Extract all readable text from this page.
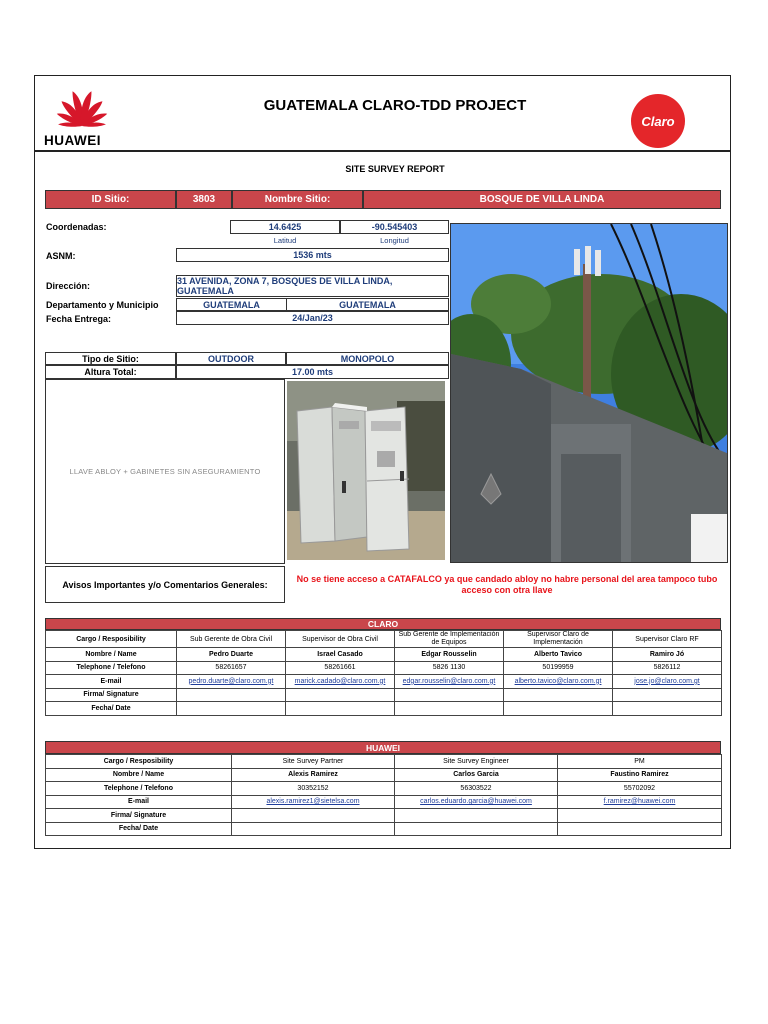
HUAWEI
GUATEMALA CLARO-TDD PROJECT
Claro
SITE SURVEY REPORT
ID Sitio:	3803	Nombre Sitio:	BOSQUE DE VILLA LINDA
Coordenadas:	14.6425	-90.545403
Latitud	Longitud
ASNM:	1536 mts
Dirección:	31 AVENIDA, ZONA 7, BOSQUES DE VILLA LINDA, GUATEMALA
Departamento y Municipio	GUATEMALA	GUATEMALA
Fecha Entrega:	24/Jan/23
Tipo de Sitio:	OUTDOOR	MONOPOLO
Altura Total:	17.00 mts
LLAVE ABLOY + GABINETES SIN ASEGURAMIENTO
Avisos Importantes y/o Comentarios Generales:
No se tiene acceso a CATAFALCO ya que candado abloy no habre personal del area tampoco tubo acceso con otra llave
CLARO
Cargo / Resposibility	Sub Gerente de Obra Civil	Supervisor de Obra Civil	Sub Gerente de Implementación de Equipos	Supervisor Claro de Implementación	Supervisor Claro RF
Nombre / Name	Pedro Duarte	Israel Casado	Edgar Rousselin	Alberto Tavico	Ramiro Jó
Telephone / Telefono	58261657	58261661	5826 1130	50199959	5826112
E-mail	pedro.duarte@claro.com.gt	marick.cadado@claro.com.gt	edgar.rousselin@claro.com.gt	alberto.tavico@claro.com.gt	jose.jo@claro.com.gt
Firma/ Signature					
Fecha/ Date					
HUAWEI
Cargo / Resposibility	Site Survey Partner	Site Survey Engineer	PM
Nombre / Name	Alexis Ramirez	Carlos Garcia	Faustino Ramirez
Telephone / Telefono	30352152	56303522	55702092
E-mail	alexis.ramirez1@sietelsa.com	carlos.eduardo.garcia@huawei.com	f.ramirez@huawei.com
Firma/ Signature			
Fecha/ Date			
